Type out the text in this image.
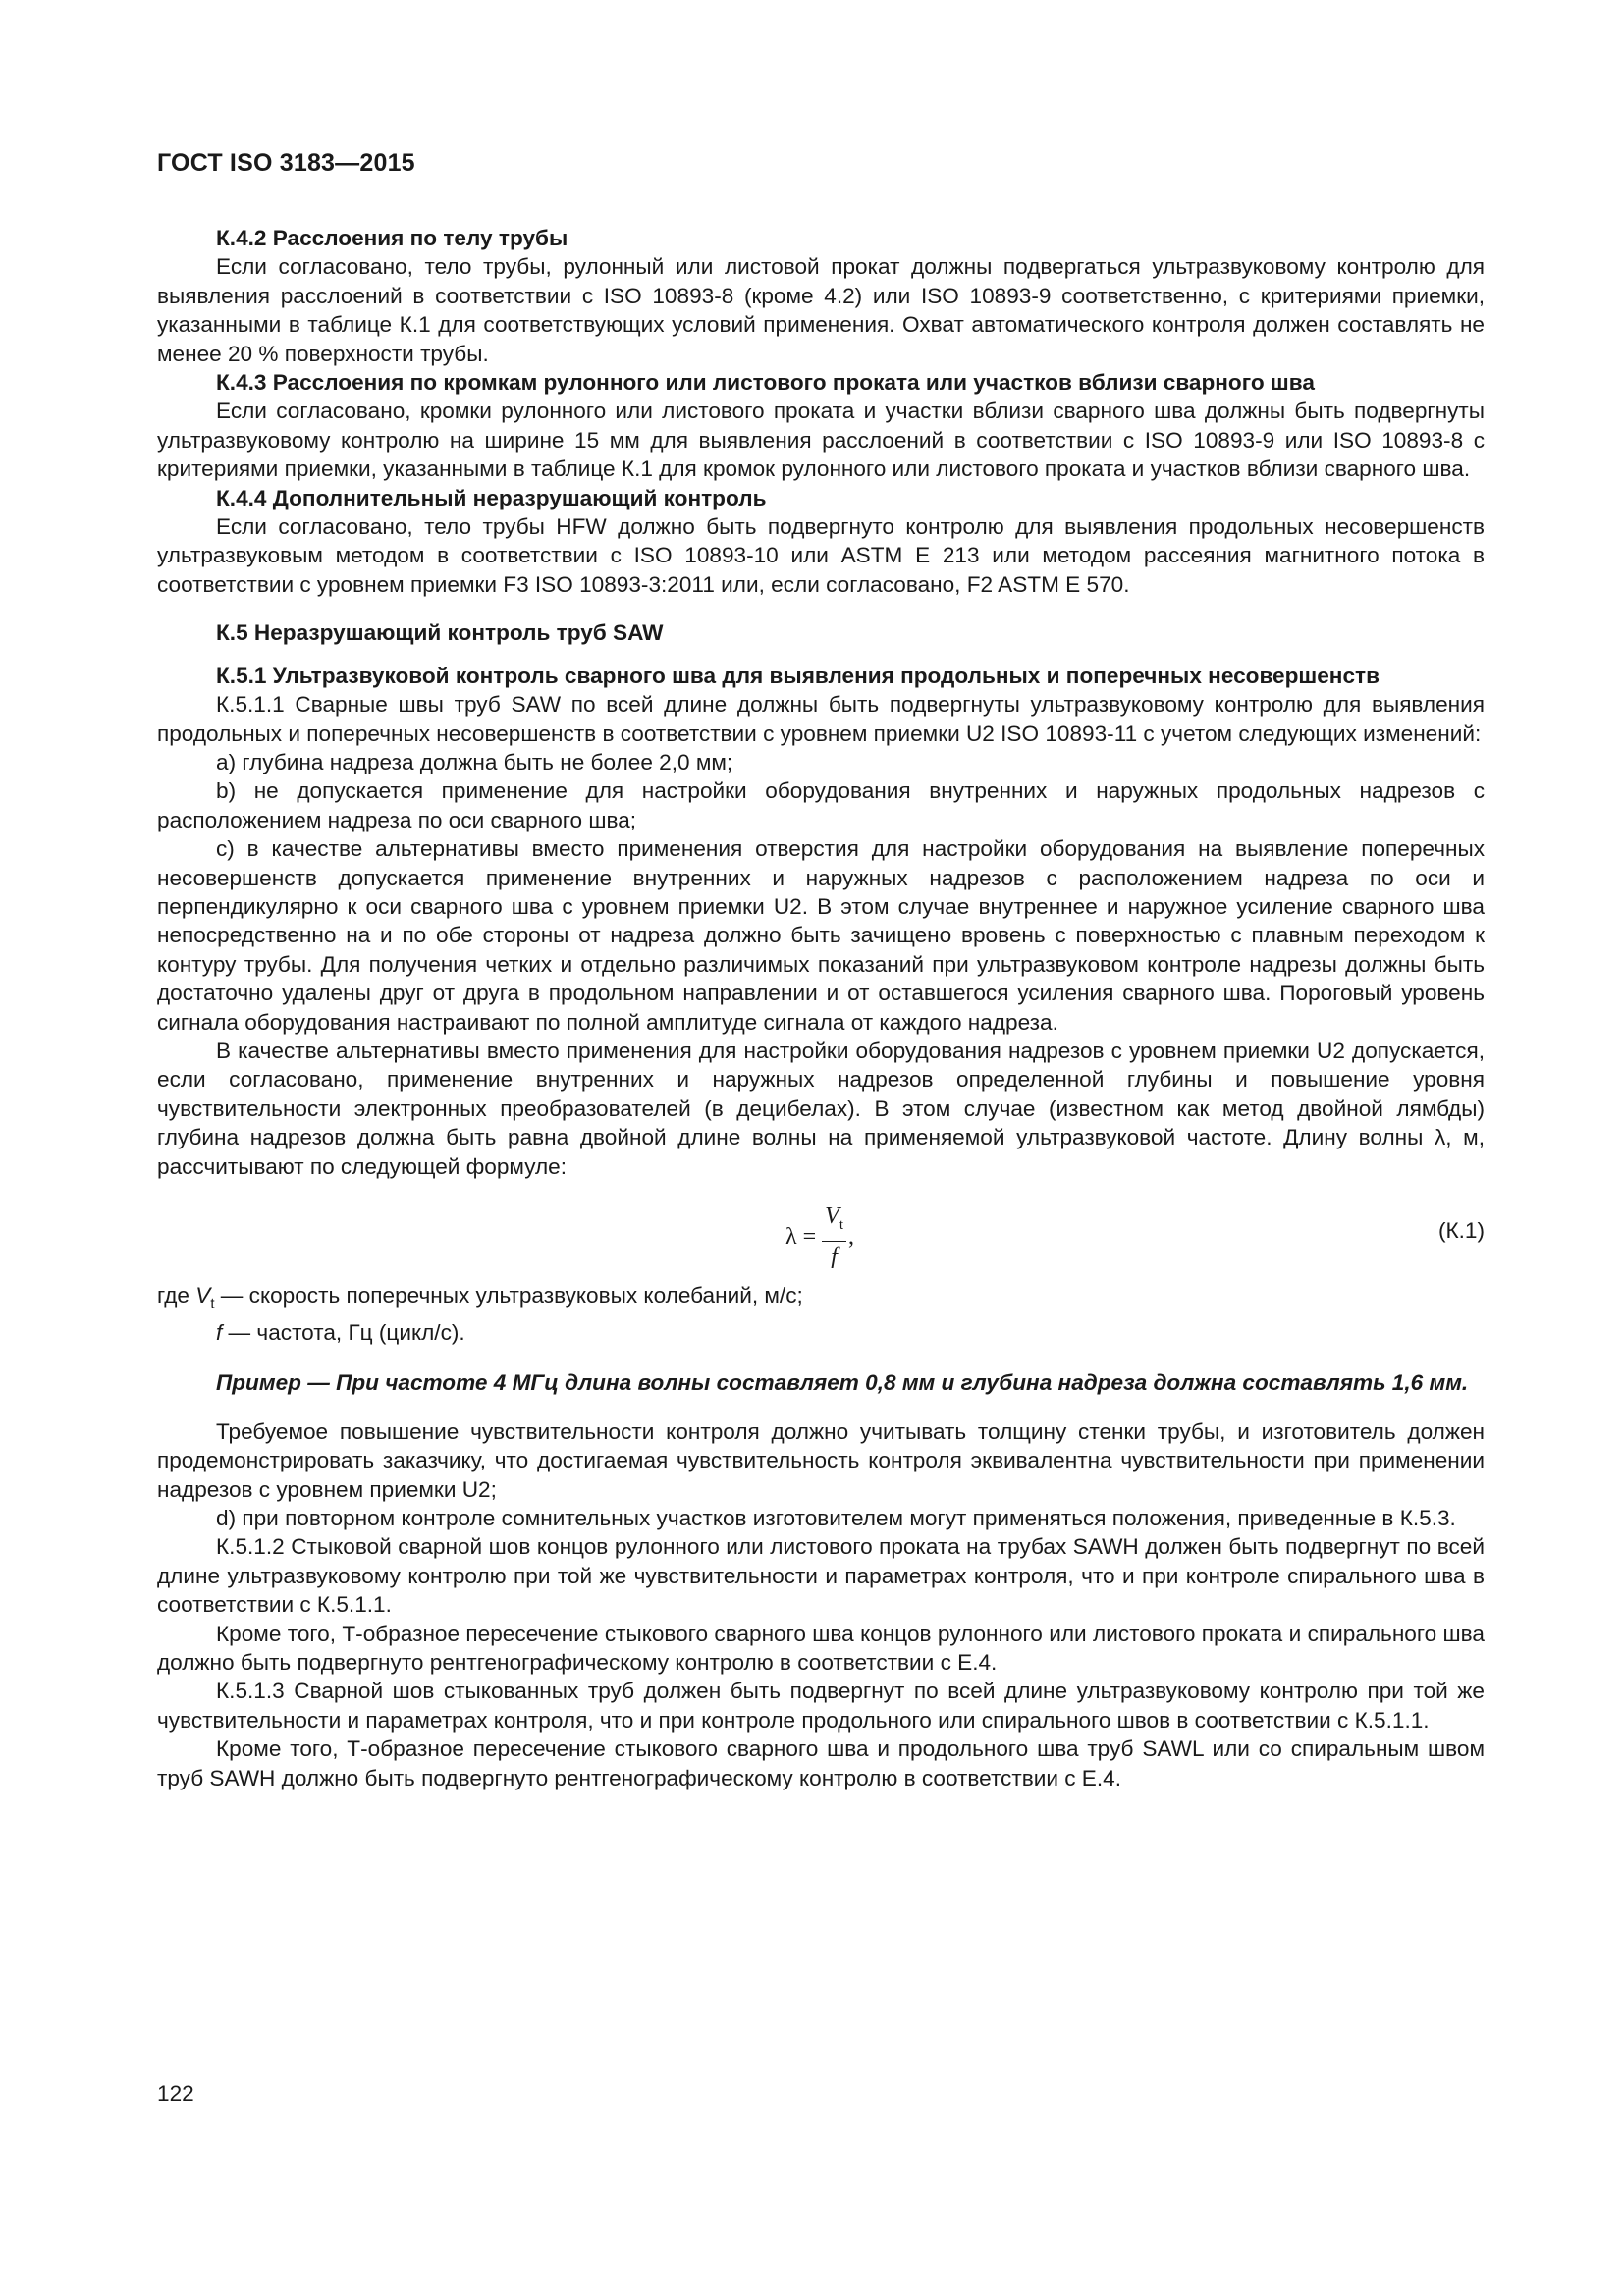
ГОСТ ISO 3183—2015
К.4.2 Расслоения по телу трубы

Если согласовано, тело трубы, рулонный или листовой прокат должны подвергаться ультразвуковому контролю для выявления расслоений в соответствии с ISO 10893-8 (кроме 4.2) или ISO 10893-9 соответственно, с критериями приемки, указанными в таблице К.1 для соответствующих условий применения. Охват автоматического контроля должен составлять не менее 20 % поверхности трубы.

К.4.3 Расслоения по кромкам рулонного или листового проката или участков вблизи сварного шва

Если согласовано, кромки рулонного или листового проката и участки вблизи сварного шва должны быть подвергнуты ультразвуковому контролю на ширине 15 мм для выявления расслоений в соответствии с ISO 10893-9 или ISO 10893-8 с критериями приемки, указанными в таблице К.1 для кромок рулонного или листового проката и участков вблизи сварного шва.

К.4.4 Дополнительный неразрушающий контроль

Если согласовано, тело трубы HFW должно быть подвергнуто контролю для выявления продольных несовершенств ультразвуковым методом в соответствии с ISO 10893-10 или ASTM E 213 или методом рассеяния магнитного потока в соответствии с уровнем приемки F3 ISO 10893-3:2011 или, если согласовано, F2 ASTM E 570.

К.5 Неразрушающий контроль труб SAW
К.5.1 Ультразвуковой контроль сварного шва для выявления продольных и поперечных несовершенств

К.5.1.1 Сварные швы труб SAW по всей длине должны быть подвергнуты ультразвуковому контролю для выявления продольных и поперечных несовершенств в соответствии с уровнем приемки U2 ISO 10893-11 с учетом следующих изменений:

a) глубина надреза должна быть не более 2,0 мм;

b) не допускается применение для настройки оборудования внутренних и наружных продольных надрезов с расположением надреза по оси сварного шва;

c) в качестве альтернативы вместо применения отверстия для настройки оборудования на выявление поперечных несовершенств допускается применение внутренних и наружных надрезов с расположением надреза по оси и перпендикулярно к оси сварного шва с уровнем приемки U2. В этом случае внутреннее и наружное усиление сварного шва непосредственно на и по обе стороны от надреза должно быть зачищено вровень с поверхностью с плавным переходом к контуру трубы. Для получения четких и отдельно различимых показаний при ультразвуковом контроле надрезы должны быть достаточно удалены друг от друга в продольном направлении и от оставшегося усиления сварного шва. Пороговый уровень сигнала оборудования настраивают по полной амплитуде сигнала от каждого надреза.

В качестве альтернативы вместо применения для настройки оборудования надрезов с уровнем приемки U2 допускается, если согласовано, применение внутренних и наружных надрезов определенной глубины и повышение уровня чувствительности электронных преобразователей (в децибелах). В этом случае (известном как метод двойной лямбды) глубина надрезов должна быть равна двойной длине волны на применяемой ультразвуковой частоте. Длину волны λ, м, рассчитывают по следующей формуле:

$\lambda = \frac{V_t}{f}$ ,	(К.1)

где $V_t$ — скорость поперечных ультразвуковых колебаний, м/с;

f — частота, Гц (цикл/с).

Пример — При частоте 4 МГц длина волны составляет 0,8 мм и глубина надреза должна составлять 1,6 мм.

Требуемое повышение чувствительности контроля должно учитывать толщину стенки трубы, и изготовитель должен продемонстрировать заказчику, что достигаемая чувствительность контроля эквивалентна чувствительности при применении надрезов с уровнем приемки U2;

d) при повторном контроле сомнительных участков изготовителем могут применяться положения, приведенные в К.5.3.

К.5.1.2 Стыковой сварной шов концов рулонного или листового проката на трубах SAWH должен быть подвергнут по всей длине ультразвуковому контролю при той же чувствительности и параметрах контроля, что и при контроле спирального шва в соответствии с К.5.1.1.

Кроме того, Т-образное пересечение стыкового сварного шва концов рулонного или листового проката и спирального шва должно быть подвергнуто рентгенографическому контролю в соответствии с Е.4.

К.5.1.3 Сварной шов стыкованных труб должен быть подвергнут по всей длине ультразвуковому контролю при той же чувствительности и параметрах контроля, что и при контроле продольного или спирального швов в соответствии с К.5.1.1.

Кроме того, Т-образное пересечение стыкового сварного шва и продольного шва труб SAWL или со спиральным швом труб SAWH должно быть подвергнуто рентгенографическому контролю в соответствии с Е.4.

122
